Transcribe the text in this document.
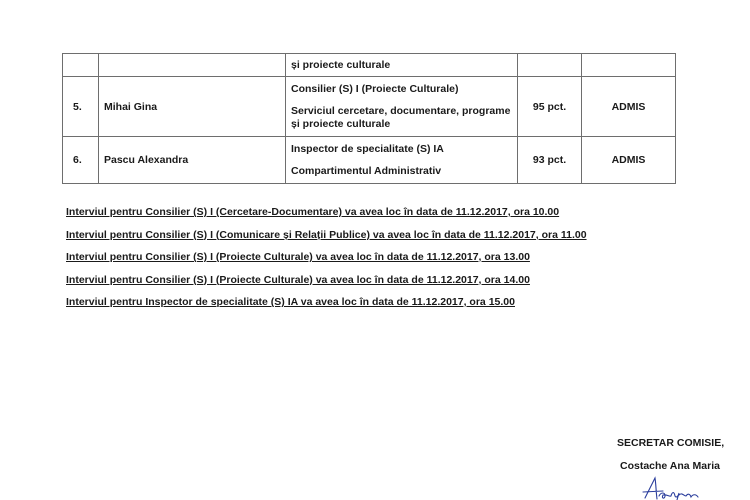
		și proiecte culturale		

5.	Mihai Gina	Consilier (S) I (Proiecte Culturale)
Serviciul cercetare, documentare, programe
și proiecte culturale	95 pct.	ADMIS
6.	Pascu Alexandra	Inspector de specialitate (S) IA
Compartimentul Administrativ	93 pct.	ADMIS
Interviul pentru Consilier (S) I (Cercetare-Documentare) va avea loc în data de 11.12.2017, ora 10.00
Interviul pentru Consilier (S) I (Comunicare și Relații Publice) va avea loc în data de 11.12.2017, ora 11.00
Interviul pentru Consilier (S) I (Proiecte Culturale) va avea loc în data de 11.12.2017, ora 13.00
Interviul pentru Consilier (S) I (Proiecte Culturale) va avea loc în data de 11.12.2017, ora 14.00
Interviul pentru Inspector de specialitate (S) IA va avea loc în data de 11.12.2017, ora 15.00
SECRETAR COMISIE,
Costache Ana Maria
